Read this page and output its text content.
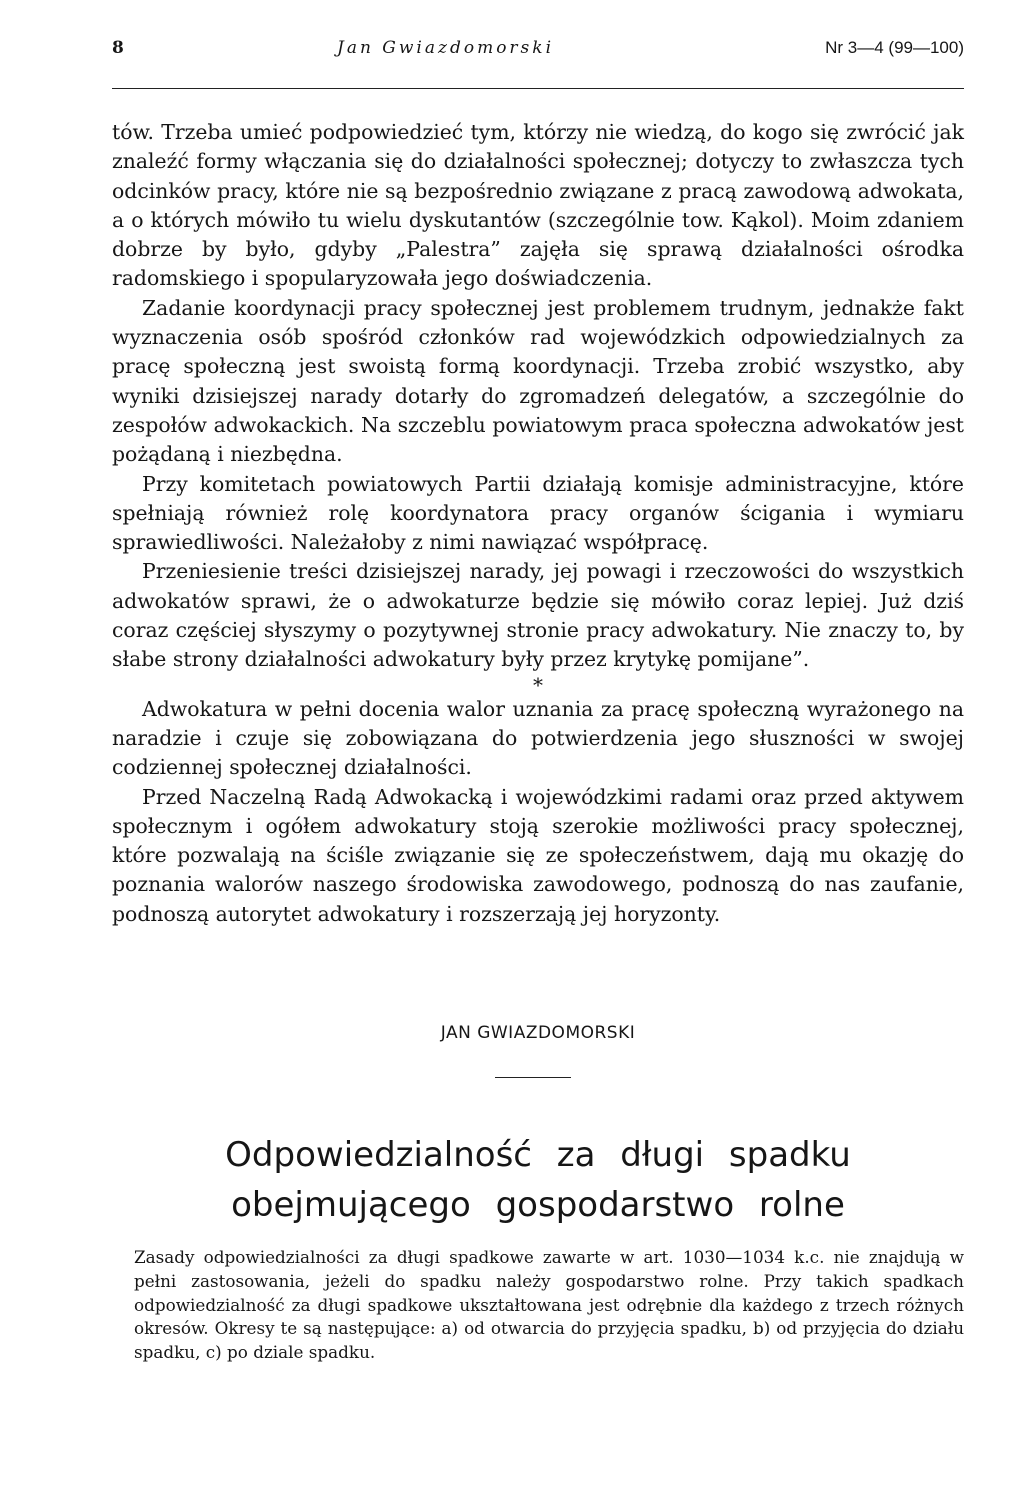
8	Jan Gwiazdomorski	Nr 3—4 (99—100)

tów. Trzeba umieć podpowiedzieć tym, którzy nie wiedzą, do kogo się zwrócić jak znaleźć formy włączania się do działalności społecznej; dotyczy to zwłaszcza tych odcinków pracy, które nie są bezpośrednio związane z pracą zawodową adwokata, a o których mówiło tu wielu dyskutantów (szczególnie tow. Kąkol). Moim zdaniem dobrze by było, gdyby „Palestra” zajęła się sprawą działalności ośrodka radomskiego i spopularyzowała jego doświadczenia.

Zadanie koordynacji pracy społecznej jest problemem trudnym, jednakże fakt wyznaczenia osób spośród członków rad wojewódzkich odpowiedzialnych za pracę społeczną jest swoistą formą koordynacji. Trzeba zrobić wszystko, aby wyniki dzisiejszej narady dotarły do zgromadzeń delegatów, a szczególnie do zespołów adwokackich. Na szczeblu powiatowym praca społeczna adwokatów jest pożądaną i niezbędna.

Przy komitetach powiatowych Partii działają komisje administracyjne, które spełniają również rolę koordynatora pracy organów ścigania i wymiaru sprawiedliwości. Należałoby z nimi nawiązać współpracę.

Przeniesienie treści dzisiejszej narady, jej powagi i rzeczowości do wszystkich adwokatów sprawi, że o adwokaturze będzie się mówiło coraz lepiej. Już dziś coraz częściej słyszymy o pozytywnej stronie pracy adwokatury. Nie znaczy to, by słabe strony działalności adwokatury były przez krytykę pomijane”.

*

Adwokatura w pełni docenia walor uznania za pracę społeczną wyrażonego na naradzie i czuje się zobowiązana do potwierdzenia jego słuszności w swojej codziennej społecznej działalności.

Przed Naczelną Radą Adwokacką i wojewódzkimi radami oraz przed aktywem społecznym i ogółem adwokatury stoją szerokie możliwości pracy społecznej, które pozwalają na ściśle związanie się ze społeczeństwem, dają mu okazję do poznania walorów naszego środowiska zawodowego, podnoszą do nas zaufanie, podnoszą autorytet adwokatury i rozszerzają jej horyzonty.

JAN GWIAZDOMORSKI
Odpowiedzialność za długi spadku obejmującego gospodarstwo rolne

Zasady odpowiedzialności za długi spadkowe zawarte w art. 1030—1034 k.c. nie znajdują w pełni zastosowania, jeżeli do spadku należy gospodarstwo rolne. Przy takich spadkach odpowiedzialność za długi spadkowe ukształtowana jest odrębnie dla każdego z trzech różnych okresów. Okresy te są następujące: a) od otwarcia do przyjęcia spadku, b) od przyjęcia do działu spadku, c) po dziale spadku.
